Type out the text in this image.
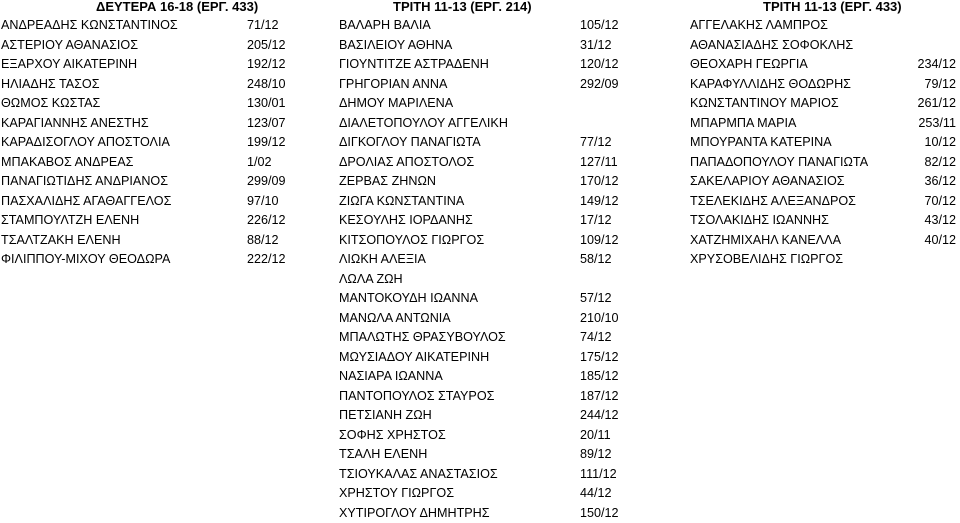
ΔΕΥΤΕΡΑ 16-18 (ΕΡΓ. 433)	ΤΡΙΤΗ 11-13 (ΕΡΓ. 214)	ΤΡΙΤΗ 11-13 (ΕΡΓ. 433)
ΑΝΔΡΕΑΔΗΣ ΚΩΝΣΤΑΝΤΙΝΟΣ	71/12
ΑΣΤΕΡΙΟΥ ΑΘΑΝΑΣΙΟΣ	205/12
ΕΞΑΡΧΟΥ ΑΙΚΑΤΕΡΙΝΗ	192/12
ΗΛΙΑΔΗΣ ΤΑΣΟΣ	248/10
ΘΩΜΟΣ ΚΩΣΤΑΣ	130/01
ΚΑΡΑΓΙΑΝΝΗΣ ΑΝΕΣΤΗΣ	123/07
ΚΑΡΑΔΙΣΟΓΛΟΥ ΑΠΟΣΤΟΛΙΑ	199/12
ΜΠΑΚΑΒΟΣ ΑΝΔΡΕΑΣ	1/02
ΠΑΝΑΓΙΩΤΙΔΗΣ ΑΝΔΡΙΑΝΟΣ	299/09
ΠΑΣΧΑΛΙΔΗΣ ΑΓΑΘΑΓΓΕΛΟΣ	97/10
ΣΤΑΜΠΟΥΛΤΖΗ ΕΛΕΝΗ	226/12
ΤΣΑΛΤΖΑΚΗ ΕΛΕΝΗ	88/12
ΦΙΛΙΠΠΟΥ-ΜΙΧΟΥ ΘΕΟΔΩΡΑ	222/12
ΒΑΛΑΡΗ ΒΑΛΙΑ	105/12
ΒΑΣΙΛΕΙΟΥ ΑΘΗΝΑ	31/12
ΓΙΟΥΝΤΙΤΖΕ ΑΣΤΡΑΔΕΝΗ	120/12
ΓΡΗΓΟΡΙΑΝ ΑΝΝΑ	292/09
ΔΗΜΟΥ ΜΑΡΙΛΕΝΑ
ΔΙΑΛΕΤΟΠΟΥΛΟΥ ΑΓΓΕΛΙΚΗ
ΔΙΓΚΟΓΛΟΥ ΠΑΝΑΓΙΩΤΑ	77/12
ΔΡΟΛΙΑΣ ΑΠΟΣΤΟΛΟΣ	127/11
ΖΕΡΒΑΣ ΖΗΝΩΝ	170/12
ΖΙΩΓΑ ΚΩΝΣΤΑΝΤΙΝΑ	149/12
ΚΕΣΟΥΛΗΣ ΙΟΡΔΑΝΗΣ	17/12
ΚΙΤΣΟΠΟΥΛΟΣ ΓΙΩΡΓΟΣ	109/12
ΛΙΩΚΗ ΑΛΕΞΙΑ	58/12
ΛΩΛΑ ΖΩΗ
ΜΑΝΤΟΚΟΥΔΗ ΙΩΑΝΝΑ	57/12
ΜΑΝΩΛΑ ΑΝΤΩΝΙΑ	210/10
ΜΠΑΛΩΤΗΣ ΘΡΑΣΥΒΟΥΛΟΣ	74/12
ΜΩΥΣΙΑΔΟΥ ΑΙΚΑΤΕΡΙΝΗ	175/12
ΝΑΣΙΑΡΑ ΙΩΑΝΝΑ	185/12
ΠΑΝΤΟΠΟΥΛΟΣ ΣΤΑΥΡΟΣ	187/12
ΠΕΤΣΙΑΝΗ ΖΩΗ	244/12
ΣΟΦΗΣ ΧΡΗΣΤΟΣ	20/11
ΤΣΑΛΗ ΕΛΕΝΗ	89/12
ΤΣΙΟΥΚΑΛΑΣ ΑΝΑΣΤΑΣΙΟΣ	111/12
ΧΡΗΣΤΟΥ ΓΙΩΡΓΟΣ	44/12
ΧΥΤΙΡΟΓΛΟΥ ΔΗΜΗΤΡΗΣ	150/12
ΑΓΓΕΛΑΚΗΣ ΛΑΜΠΡΟΣ
ΑΘΑΝΑΣΙΑΔΗΣ ΣΟΦΟΚΛΗΣ
ΘΕΟΧΑΡΗ ΓΕΩΡΓΙΑ	234/12
ΚΑΡΑΦΥΛΛΙΔΗΣ ΘΟΔΩΡΗΣ	79/12
ΚΩΝΣΤΑΝΤΙΝΟΥ ΜΑΡΙΟΣ	261/12
ΜΠΑΡΜΠΑ ΜΑΡΙΑ	253/11
ΜΠΟΥΡΑΝΤΑ ΚΑΤΕΡΙΝΑ	10/12
ΠΑΠΑΔΟΠΟΥΛΟΥ ΠΑΝΑΓΙΩΤΑ	82/12
ΣΑΚΕΛΑΡΙΟΥ ΑΘΑΝΑΣΙΟΣ	36/12
ΤΣΕΛΕΚΙΔΗΣ ΑΛΕΞΑΝΔΡΟΣ	70/12
ΤΣΟΛΑΚΙΔΗΣ ΙΩΑΝΝΗΣ	43/12
ΧΑΤΖΗΜΙΧΑΗΛ ΚΑΝΕΛΛΑ	40/12
ΧΡΥΣΟΒΕΛΙΔΗΣ ΓΙΩΡΓΟΣ
